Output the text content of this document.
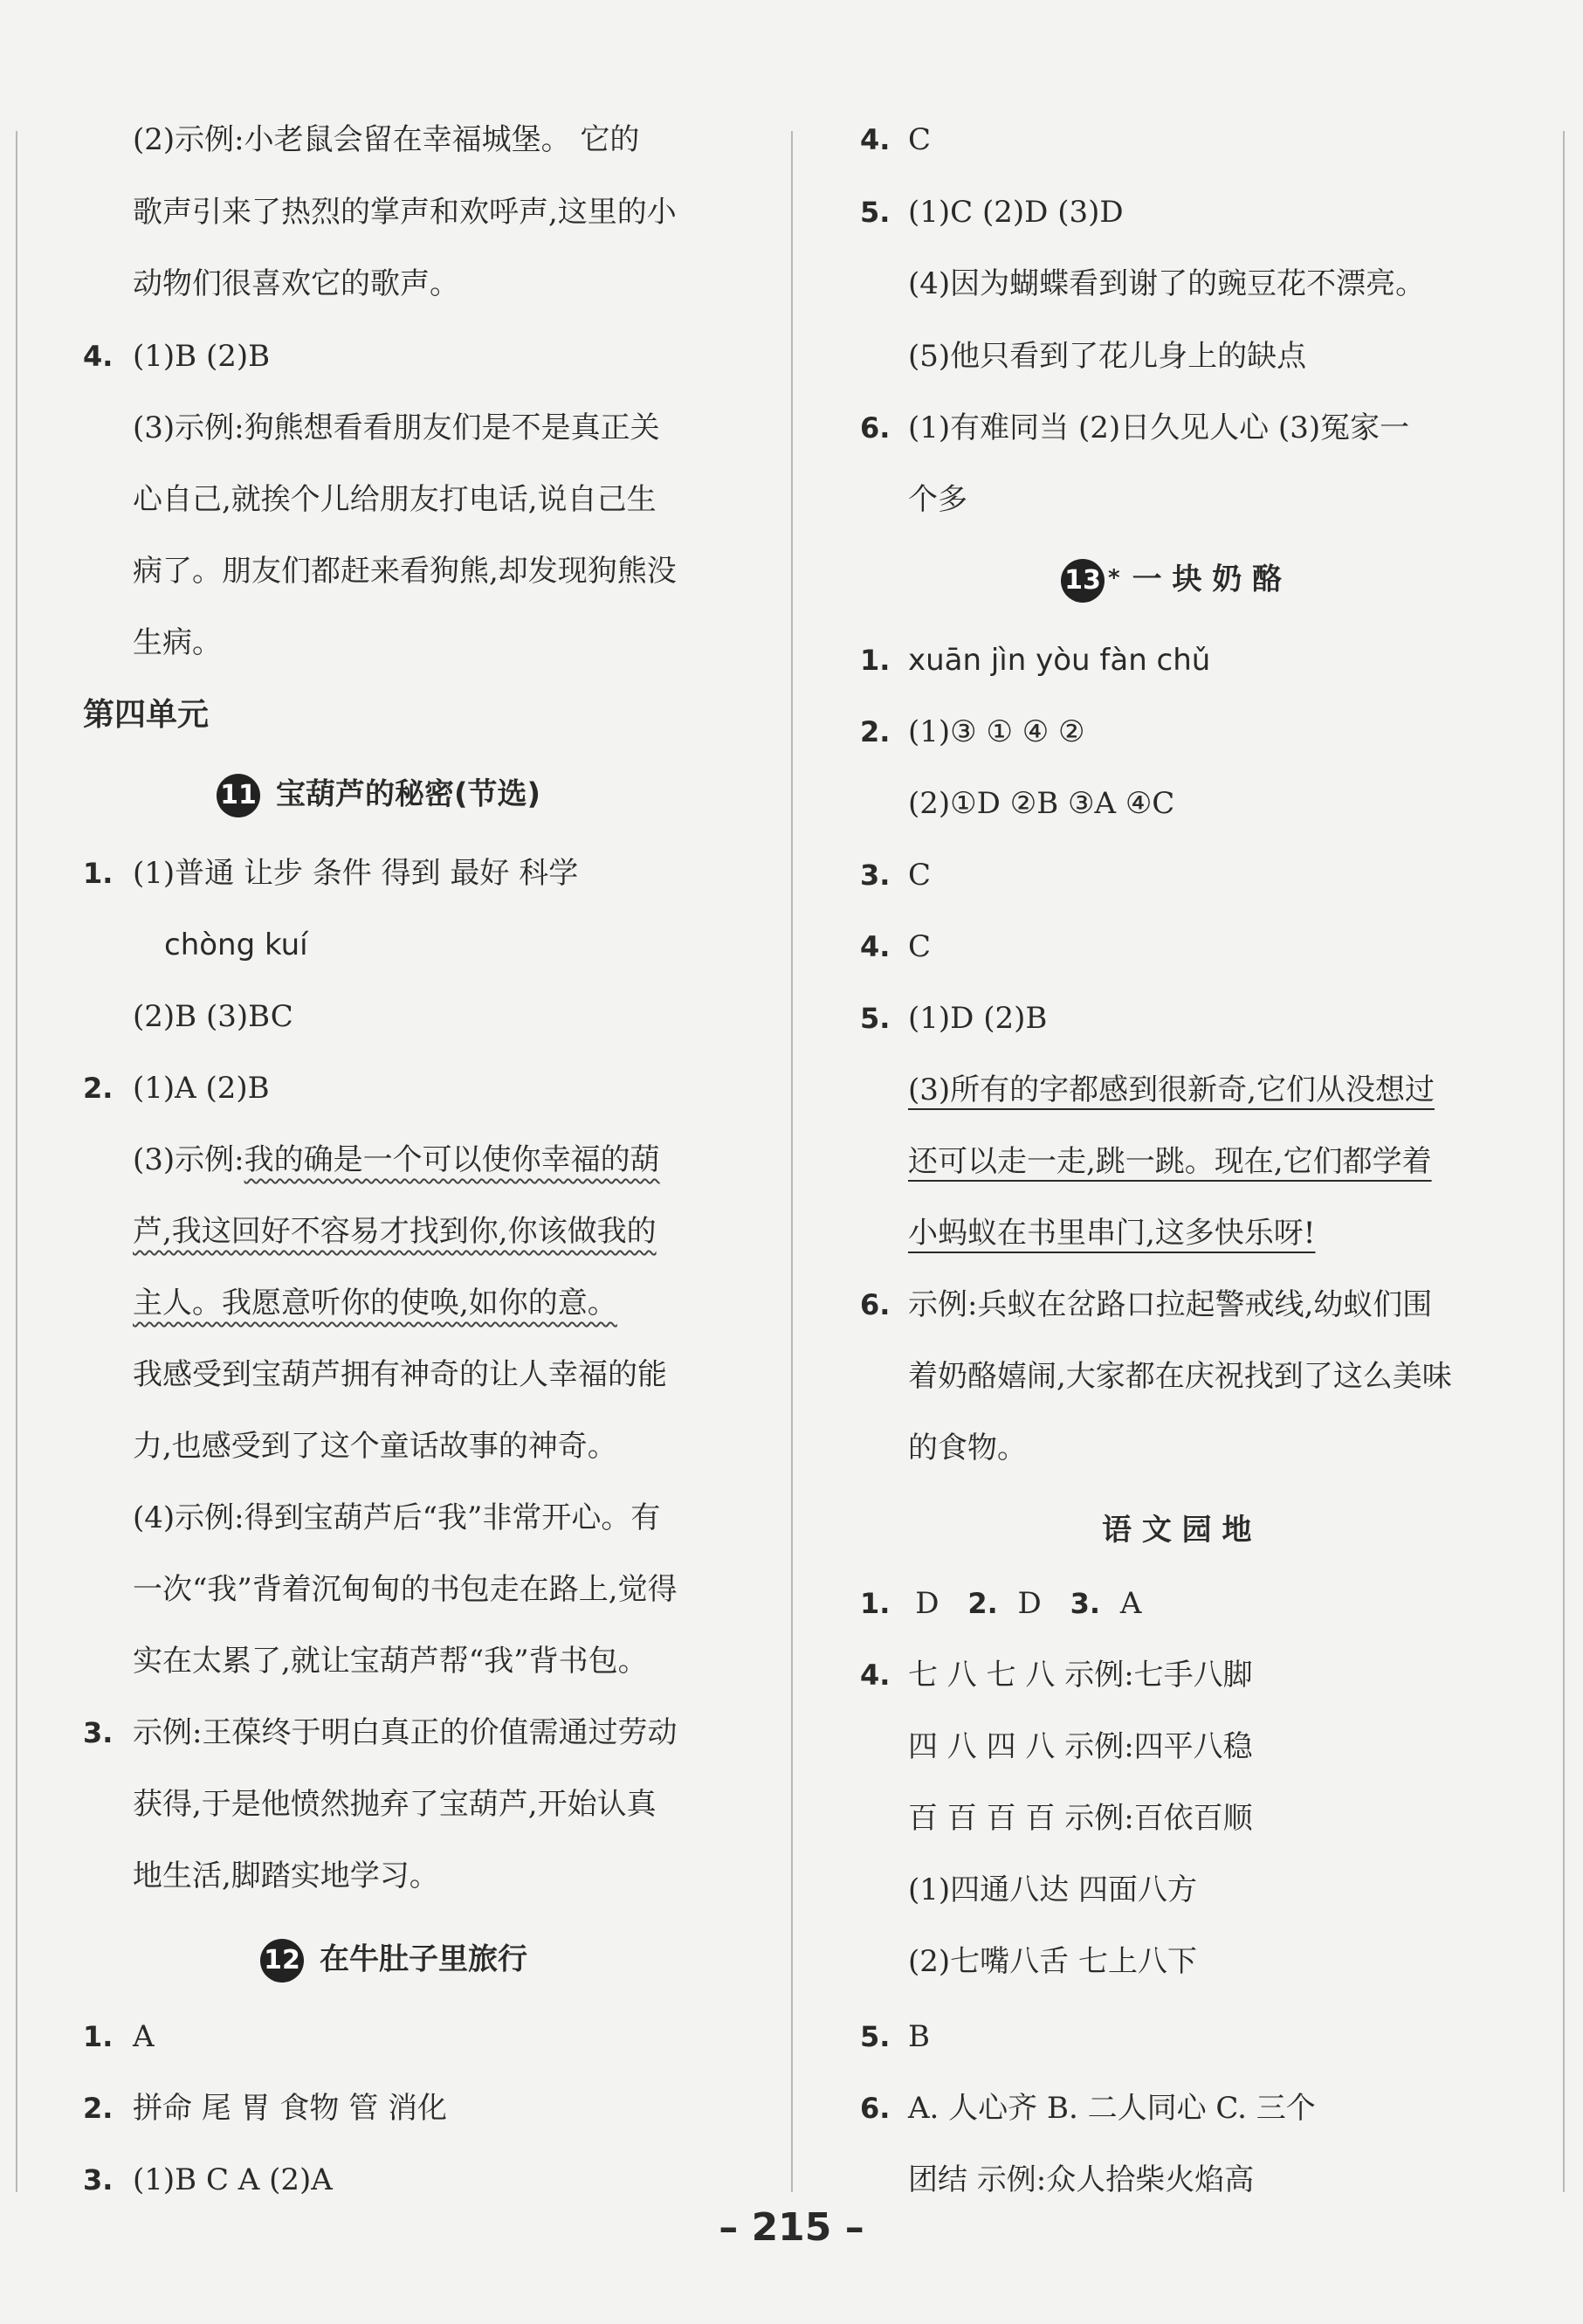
(2)示例:小老鼠会留在幸福城堡。 它的
歌声引来了热烈的掌声和欢呼声,这里的小
动物们很喜欢它的歌声。
4. (1)B (2)B
(3)示例:狗熊想看看朋友们是不是真正关
心自己,就挨个儿给朋友打电话,说自己生
病了。朋友们都赶来看狗熊,却发现狗熊没
生病。
第四单元
11 宝葫芦的秘密(节选)
1. (1)普通 让步 条件 得到 最好 科学
chòng kuí
(2)B (3)BC
2. (1)A (2)B
(3)示例:我的确是一个可以使你幸福的葫
芦,我这回好不容易才找到你,你该做我的
主人。我愿意听你的使唤,如你的意。
我感受到宝葫芦拥有神奇的让人幸福的能
力,也感受到了这个童话故事的神奇。
(4)示例:得到宝葫芦后“我”非常开心。有
一次“我”背着沉甸甸的书包走在路上,觉得
实在太累了,就让宝葫芦帮“我”背书包。
3. 示例:王葆终于明白真正的价值需通过劳动
获得,于是他愤然抛弃了宝葫芦,开始认真
地生活,脚踏实地学习。
12 在牛肚子里旅行
1. A
2. 拼命 尾 胃 食物 管 消化
3. (1)B C A (2)A
4. C
5. (1)C (2)D (3)D
(4)因为蝴蝶看到谢了的豌豆花不漂亮。
(5)他只看到了花儿身上的缺点
6. (1)有难同当 (2)日久见人心 (3)冤家一
个多
13 * 一 块 奶 酪
1. xuān jìn yòu fàn chǔ
2. (1)③ ① ④ ②
(2)①D ②B ③A ④C
3. C
4. C
5. (1)D (2)B
(3)所有的字都感到很新奇,它们从没想过
还可以走一走,跳一跳。现在,它们都学着
小蚂蚁在书里串门,这多快乐呀!
6. 示例:兵蚁在岔路口拉起警戒线,幼蚁们围
着奶酪嬉闹,大家都在庆祝找到了这么美味
的食物。
语 文 园 地
1. D 2. D 3. A
4. 七 八 七 八 示例:七手八脚
四 八 四 八 示例:四平八稳
百 百 百 百 示例:百依百顺
(1)四通八达 四面八方
(2)七嘴八舌 七上八下
5. B
6. A. 人心齐 B. 二人同心 C. 三个
团结 示例:众人拾柴火焰高
– 215 –
